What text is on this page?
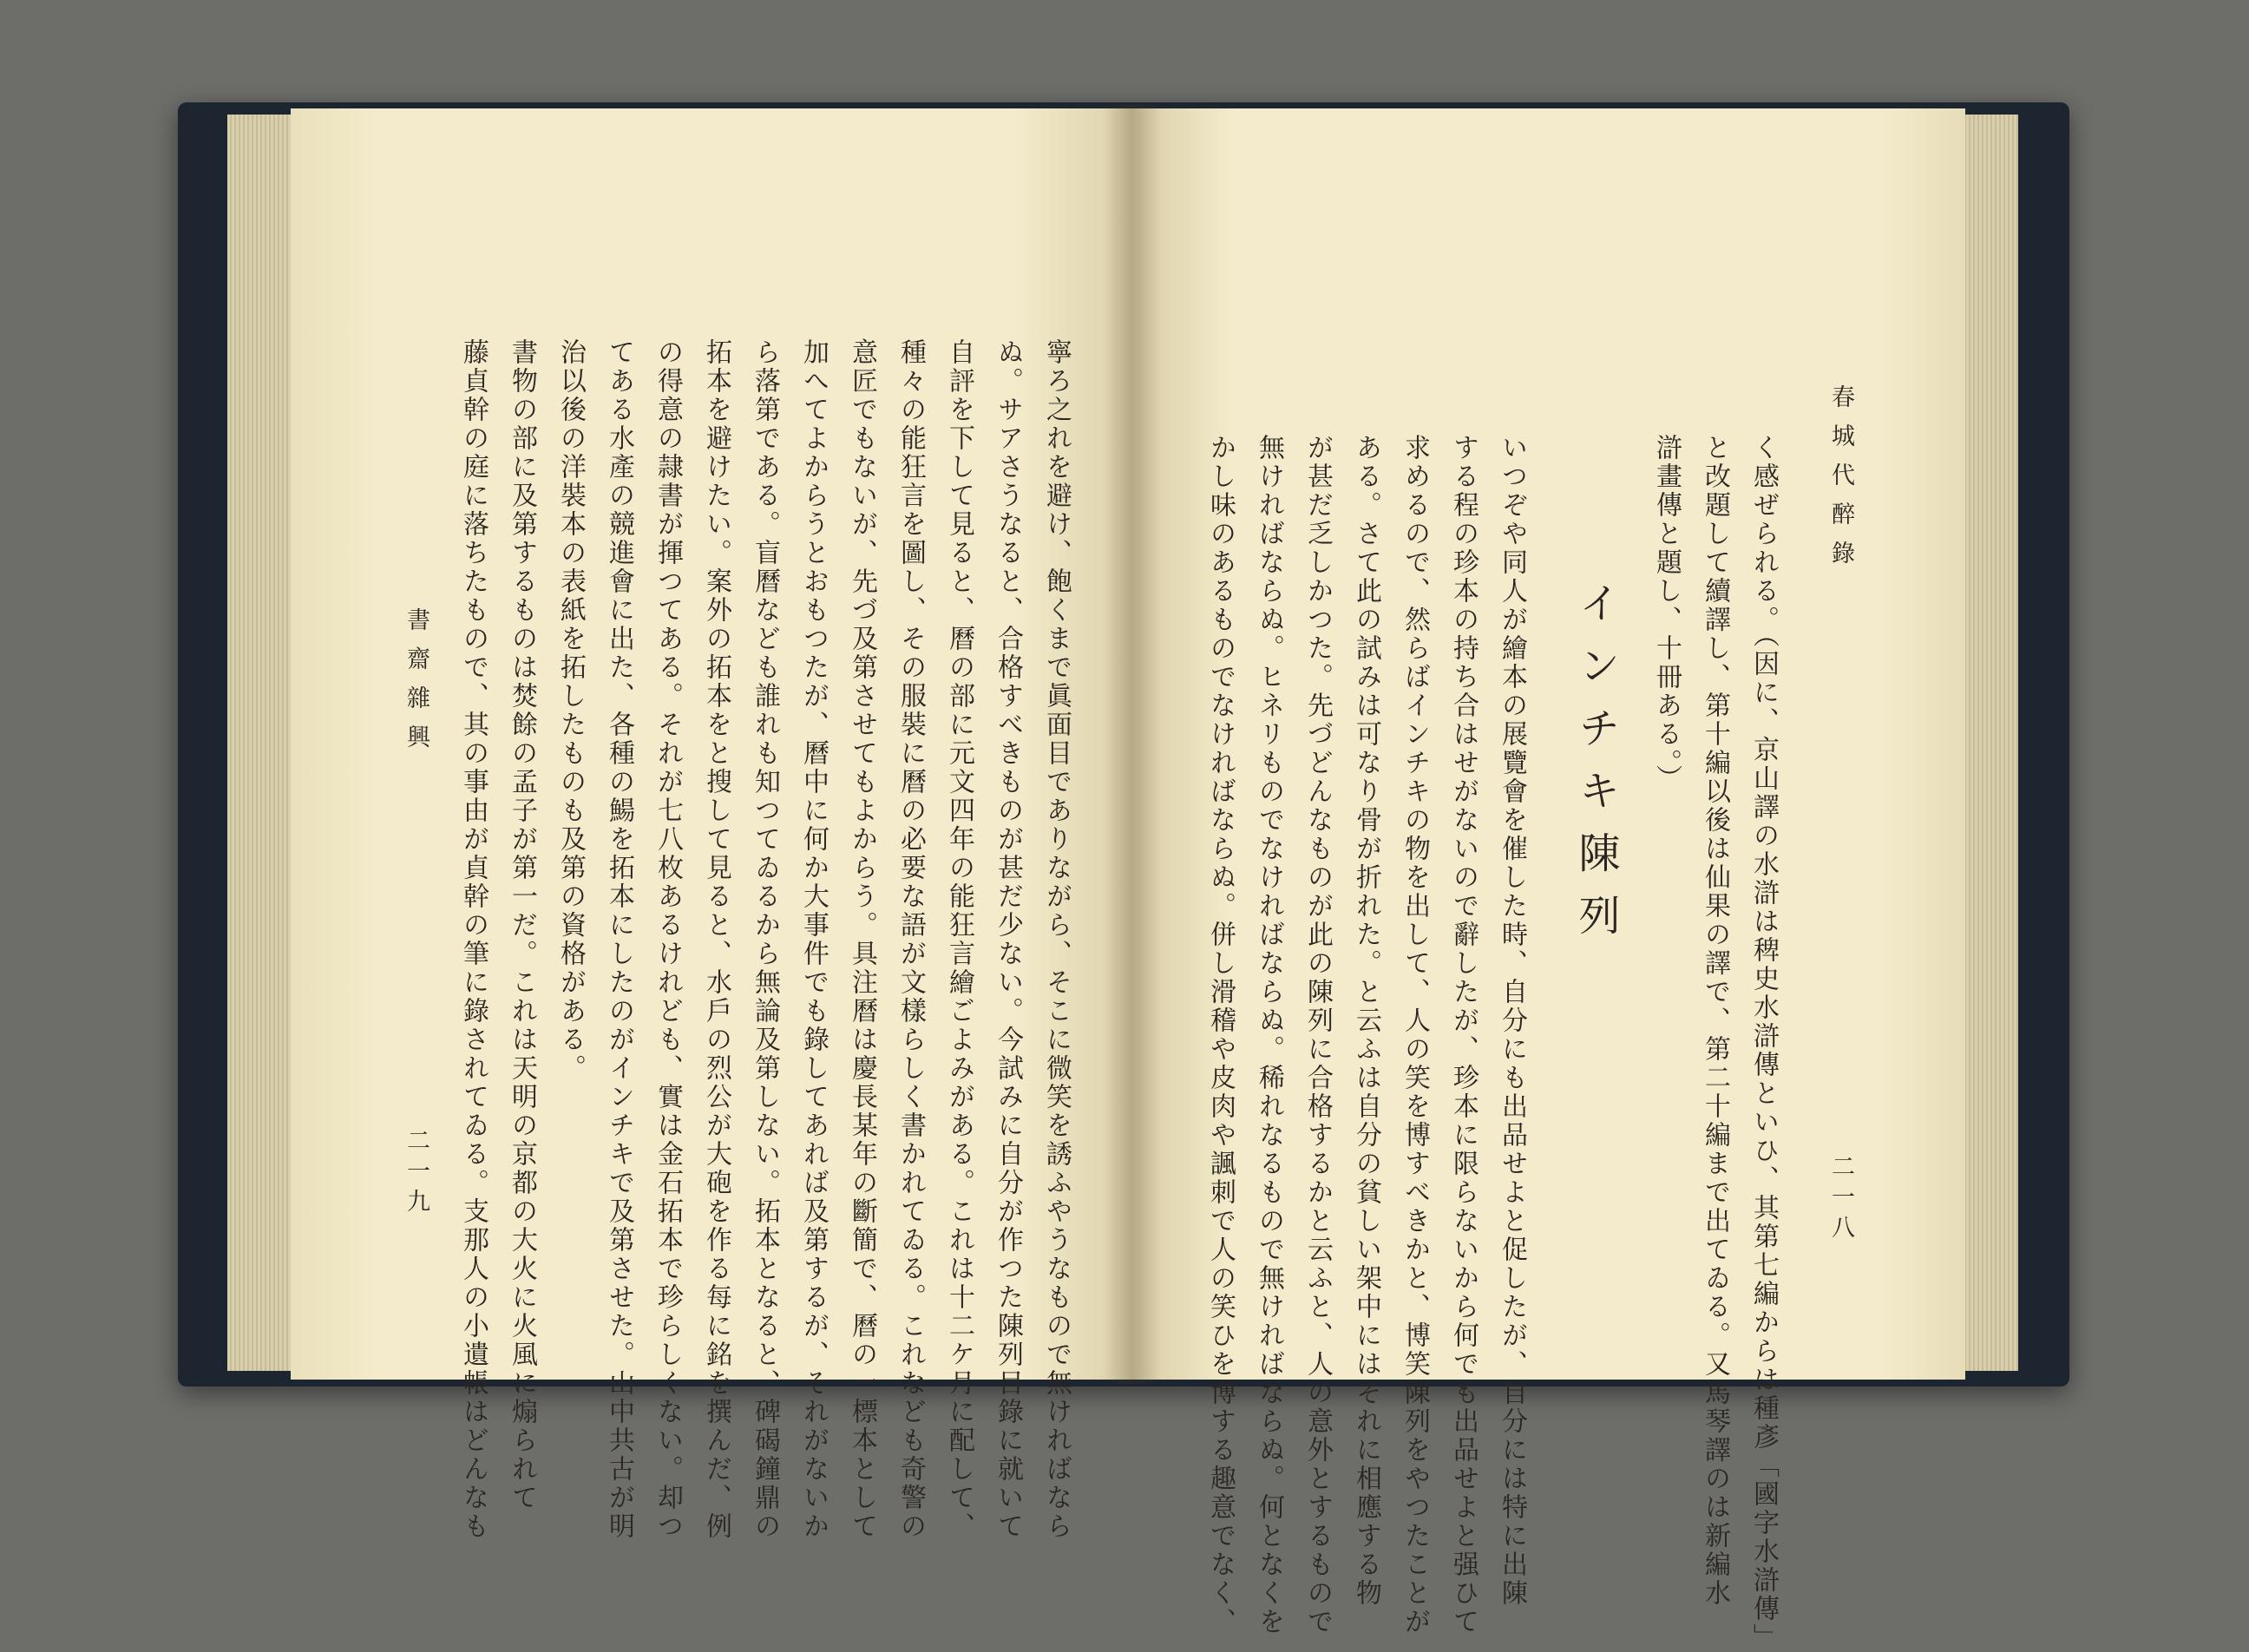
寧ろ之れを避け、飽くまで眞面目でありながら、そこに微笑を誘ふやうなもので無ければなら
ぬ。サアさうなると、合格すべきものが甚だ少ない。今試みに自分が作つた陳列目錄に就いて
自評を下して見ると、曆の部に元文四年の能狂言繪ごよみがある。これは十二ケ月に配して、
種々の能狂言を圖し、その服裝に曆の必要な語が文樣らしく書かれてゐる。これなども奇警の
意匠でもないが、先づ及第させてもよからう。具注曆は慶長某年の斷簡で、曆の一標本として
加へてよからうとおもつたが、曆中に何か大事件でも錄してあれば及第するが、それがないか
ら落第である。盲曆なども誰れも知つてゐるから無論及第しない。拓本となると、碑碣鐘鼎の
拓本を避けたい。案外の拓本をと搜して見ると、水戶の烈公が大砲を作る每に銘を撰んだ、例
の得意の隷書が揮つてある。それが七八枚あるけれども、實は金石拓本で珍らしくない。却つ
てある水產の競進會に出た、各種の鰑を拓本にしたのがインチキで及第させた。山中共古が明
治以後の洋裝本の表紙を拓したものも及第の資格がある。
書物の部に及第するものは焚餘の孟子が第一だ。これは天明の京都の大火に火風に煽られて
藤貞幹の庭に落ちたもので、其の事由が貞幹の筆に錄されてゐる。支那人の小遺帳はどんなも
書齋雜興
二一九
春城代醉錄
二一八
く感ぜられる。（因に、京山譯の水滸は稗史水滸傳といひ、其第七編からは種彥「國字水滸傳」
と改題して續譯し、第十編以後は仙果の譯で、第二十編まで出てゐる。又馬琴譯のは新編水
滸畫傳と題し、十冊ある。）
インチキ陳列
いつぞや同人が繪本の展覽會を催した時、自分にも出品せよと促したが、自分には特に出陳
する程の珍本の持ち合はせがないので辭したが、珍本に限らないから何でも出品せよと强ひて
求めるので、然らばインチキの物を出して、人の笑を博すべきかと、博笑陳列をやつたことが
ある。さて此の試みは可なり骨が折れた。と云ふは自分の貧しい架中にはそれに相應する物
が甚だ乏しかつた。先づどんなものが此の陳列に合格するかと云ふと、人の意外とするもので
無ければならぬ。ヒネリものでなければならぬ。稀れなるもので無ければならぬ。何となくを
かし味のあるものでなければならぬ。併し滑稽や皮肉や諷刺で人の笑ひを博する趣意でなく、
